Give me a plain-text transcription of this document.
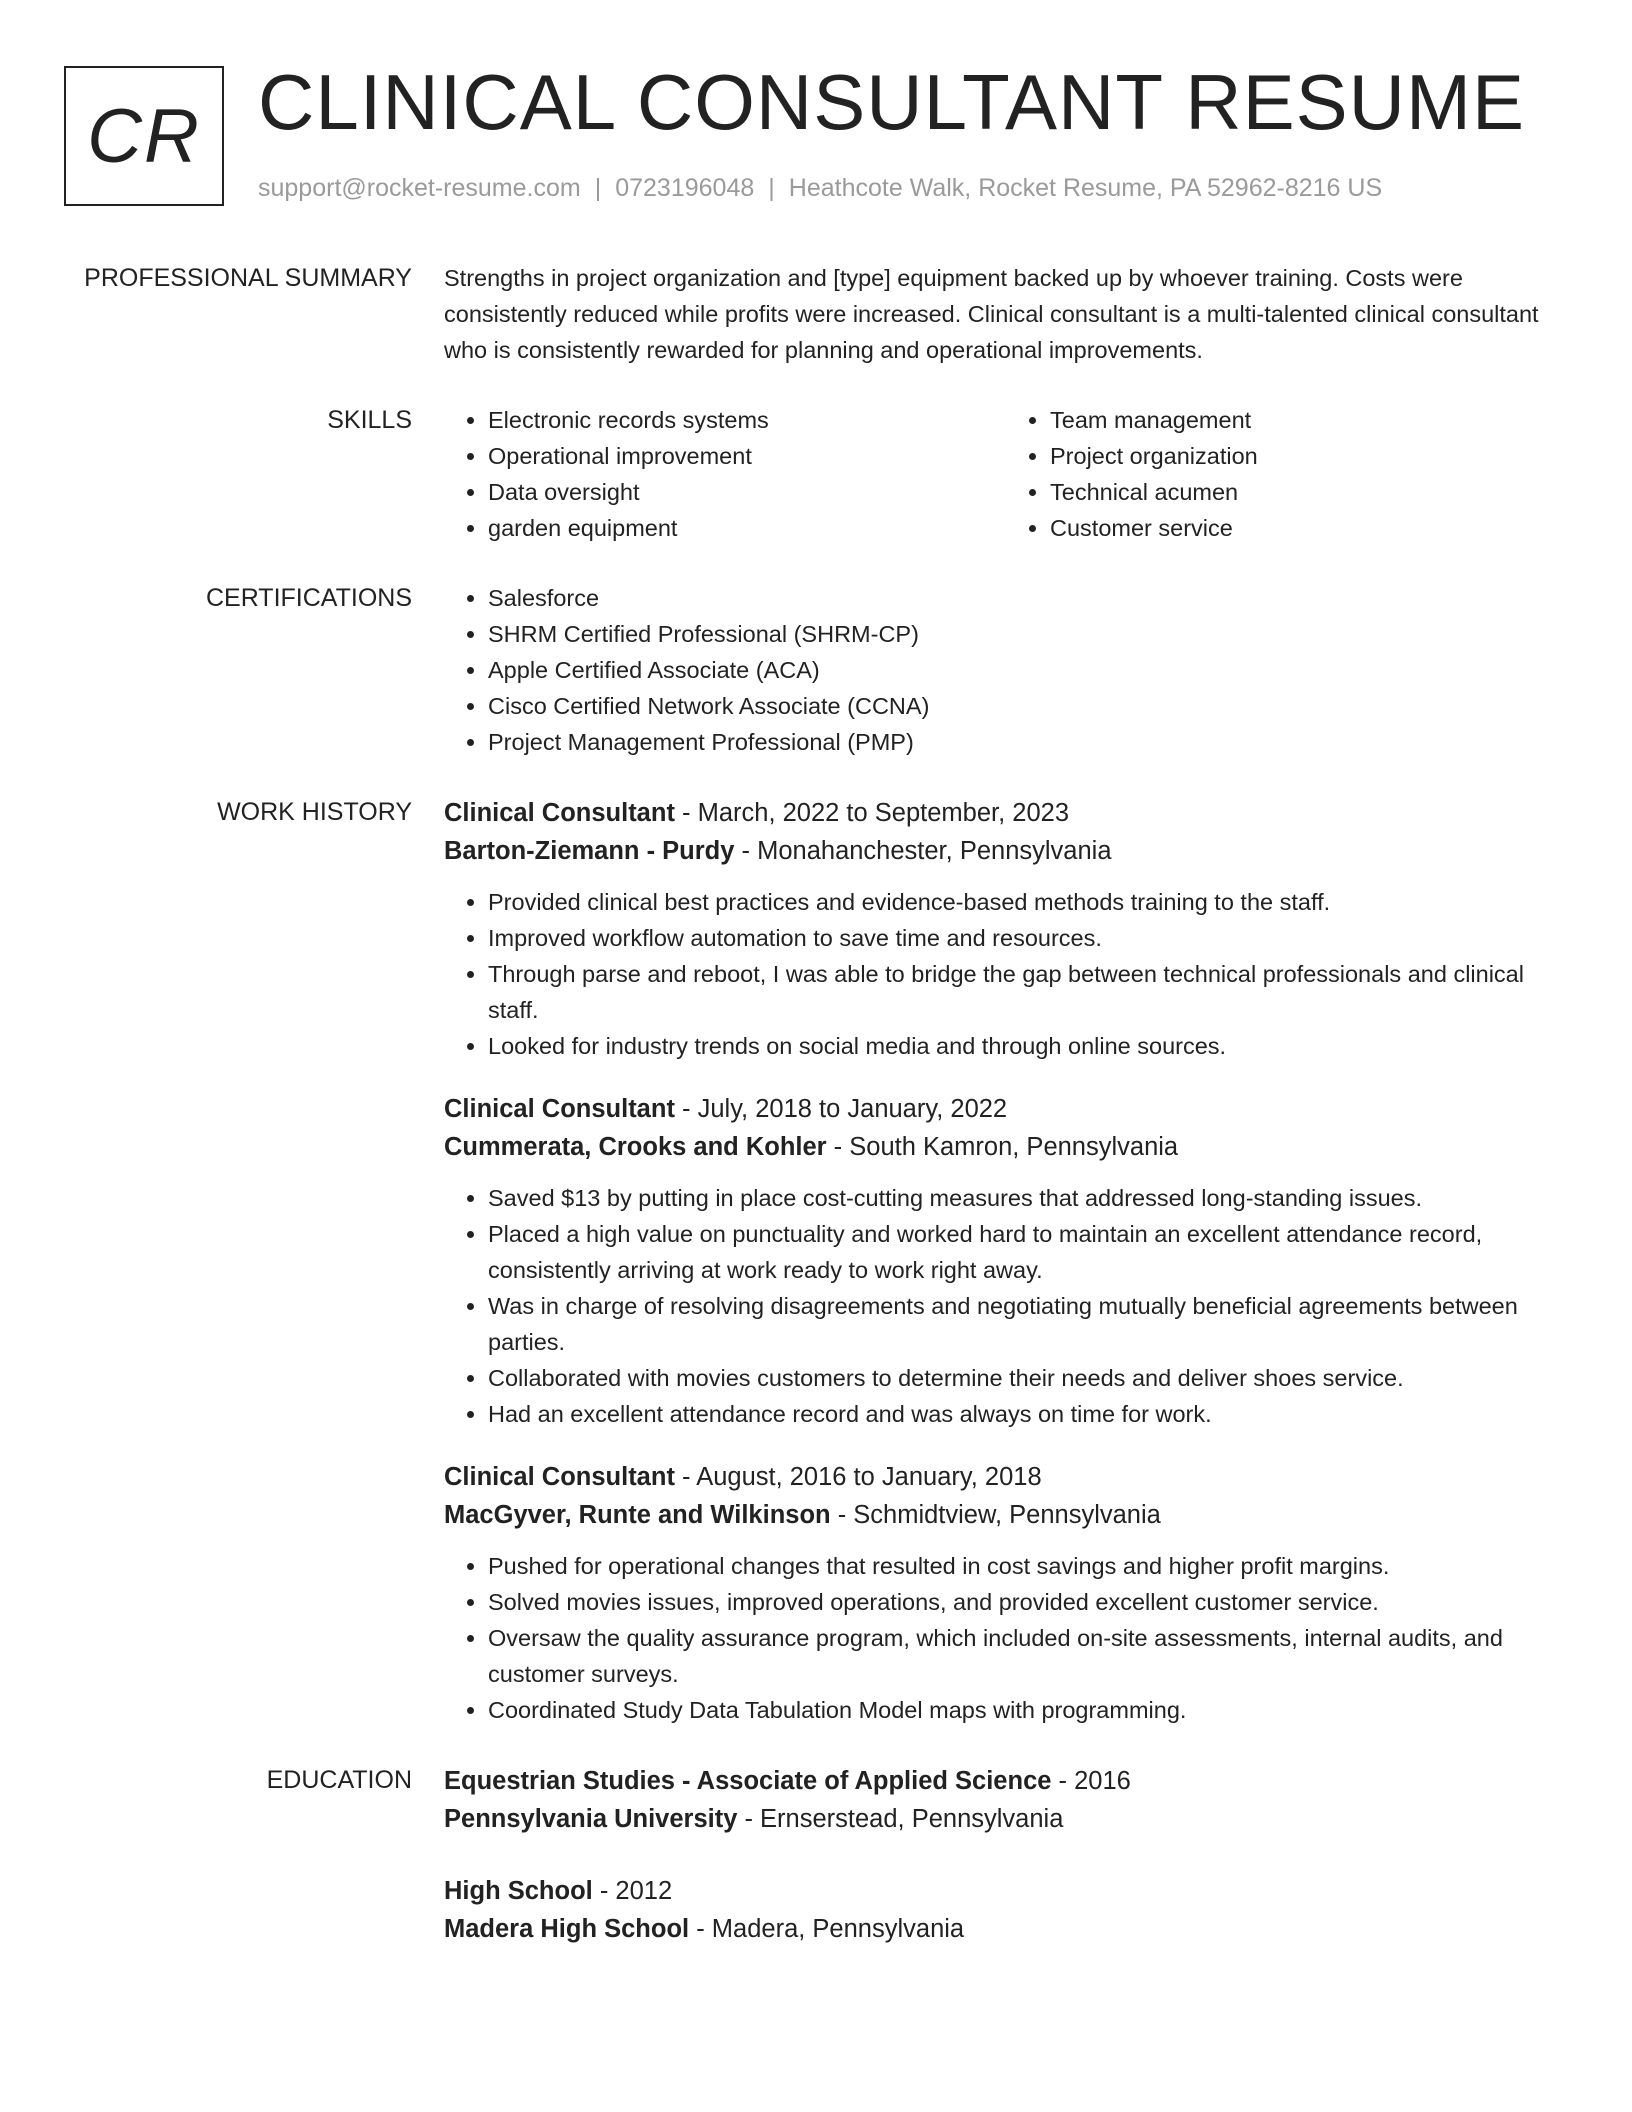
CR CLINICAL CONSULTANT RESUME
support@rocket-resume.com | 0723196048 | Heathcote Walk, Rocket Resume, PA 52962-8216 US
PROFESSIONAL SUMMARY Strengths in project organization and [type] equipment backed up by whoever training. Costs were consistently reduced while profits were increased. Clinical consultant is a multi-talented clinical consultant who is consistently rewarded for planning and operational improvements.

SKILLS	• Electronic records systems
• Operational improvement
• Data oversight
• garden equipment
• Team management
• Project organization
• Technical acumen
• Customer service
CERTIFICATIONS	• Salesforce
• SHRM Certified Professional (SHRM-CP)
• Apple Certified Associate (ACA)
• Cisco Certified Network Associate (CCNA)
• Project Management Professional (PMP)
WORK HISTORY Clinical Consultant - March, 2022 to September, 2023
Barton-Ziemann - Purdy - Monahanchester, Pennsylvania
• Provided clinical best practices and evidence-based methods training to the staff.
• Improved workflow automation to save time and resources.
• Through parse and reboot, I was able to bridge the gap between technical professionals and clinical staff.
• Looked for industry trends on social media and through online sources.
Clinical Consultant - July, 2018 to January, 2022
Cummerata, Crooks and Kohler - South Kamron, Pennsylvania
• Saved $13 by putting in place cost-cutting measures that addressed long-standing issues.
• Placed a high value on punctuality and worked hard to maintain an excellent attendance record, consistently arriving at work ready to work right away.
• Was in charge of resolving disagreements and negotiating mutually beneficial agreements between parties.
• Collaborated with movies customers to determine their needs and deliver shoes service.
• Had an excellent attendance record and was always on time for work.
Clinical Consultant - August, 2016 to January, 2018
MacGyver, Runte and Wilkinson - Schmidtview, Pennsylvania
• Pushed for operational changes that resulted in cost savings and higher profit margins.
• Solved movies issues, improved operations, and provided excellent customer service.
• Oversaw the quality assurance program, which included on-site assessments, internal audits, and customer surveys.
• Coordinated Study Data Tabulation Model maps with programming.
EDUCATION Equestrian Studies - Associate of Applied Science - 2016
Pennsylvania University - Ernserstead, Pennsylvania
High School - 2012
Madera High School - Madera, Pennsylvania
